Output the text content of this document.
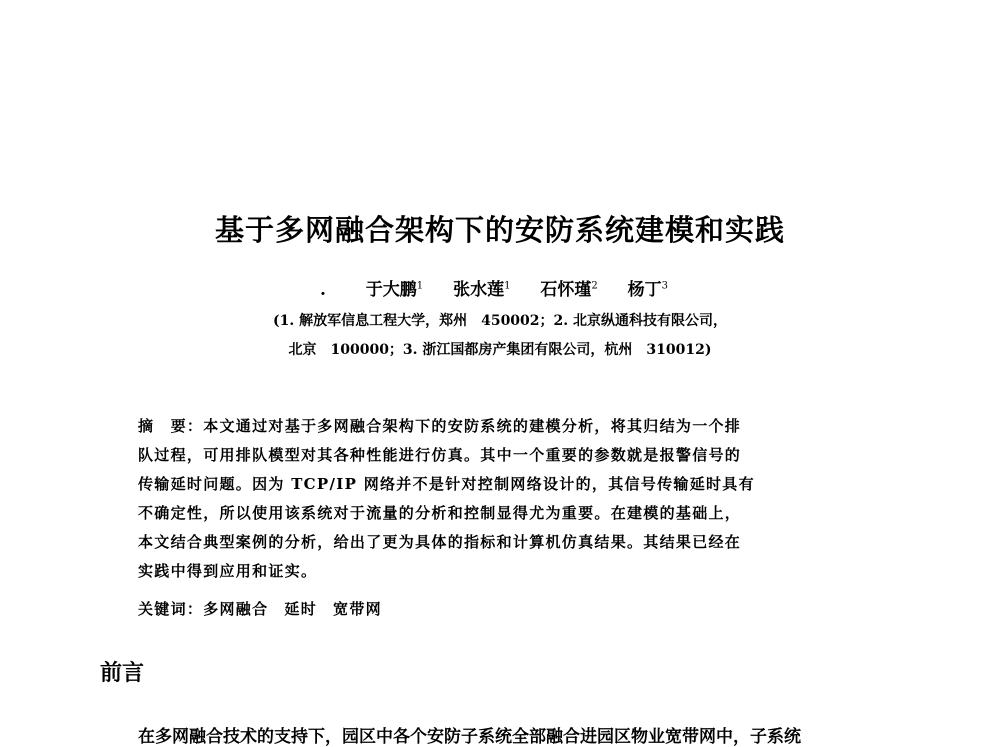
基于多网融合架构下的安防系统建模和实践
. 于大鹏$^1$ 张水莲$^1$ 石怀瑾$^2$ 杨丁$^3$
(1. 解放军信息工程大学，郑州　450002；2. 北京纵通科技有限公司，
北京　100000；3. 浙江国都房产集团有限公司，杭州　310012)
摘　要：本文通过对基于多网融合架构下的安防系统的建模分析，将其归结为一个排
队过程，可用排队模型对其各种性能进行仿真。其中一个重要的参数就是报警信号的
传输延时问题。因为 TCP/IP 网络并不是针对控制网络设计的，其信号传输延时具有
不确定性，所以使用该系统对于流量的分析和控制显得尤为重要。在建模的基础上，
本文结合典型案例的分析，给出了更为具体的指标和计算机仿真结果。其结果已经在
实践中得到应用和证实。
关键词：多网融合 延时 宽带网
前言
在多网融合技术的支持下，园区中各个安防子系统全部融合进园区物业宽带网中，子系统
